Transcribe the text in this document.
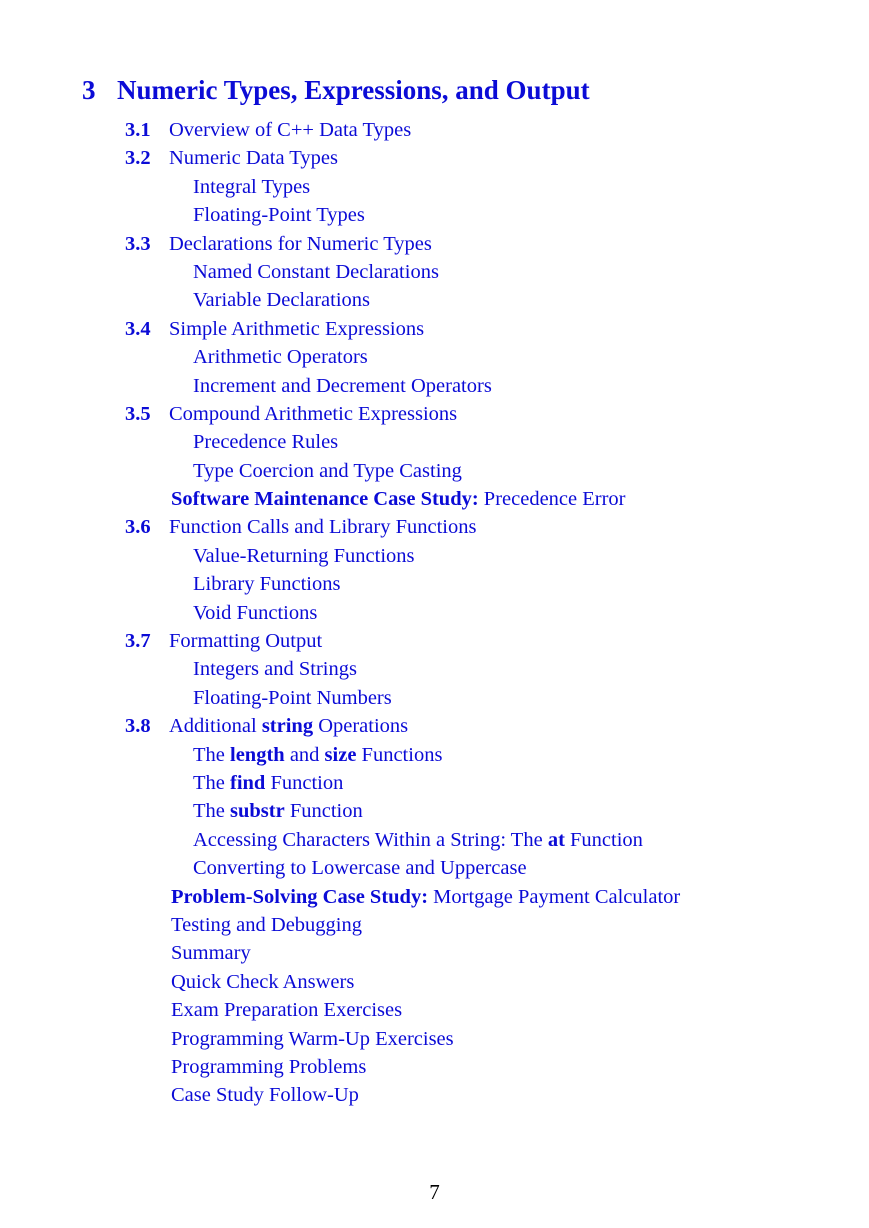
3 Numeric Types, Expressions, and Output
3.1 Overview of C++ Data Types
3.2 Numeric Data Types
Integral Types
Floating-Point Types
3.3 Declarations for Numeric Types
Named Constant Declarations
Variable Declarations
3.4 Simple Arithmetic Expressions
Arithmetic Operators
Increment and Decrement Operators
3.5 Compound Arithmetic Expressions
Precedence Rules
Type Coercion and Type Casting
Software Maintenance Case Study: Precedence Error
3.6 Function Calls and Library Functions
Value-Returning Functions
Library Functions
Void Functions
3.7 Formatting Output
Integers and Strings
Floating-Point Numbers
3.8 Additional string Operations
The length and size Functions
The find Function
The substr Function
Accessing Characters Within a String: The at Function
Converting to Lowercase and Uppercase
Problem-Solving Case Study: Mortgage Payment Calculator
Testing and Debugging
Summary
Quick Check Answers
Exam Preparation Exercises
Programming Warm-Up Exercises
Programming Problems
Case Study Follow-Up
7
